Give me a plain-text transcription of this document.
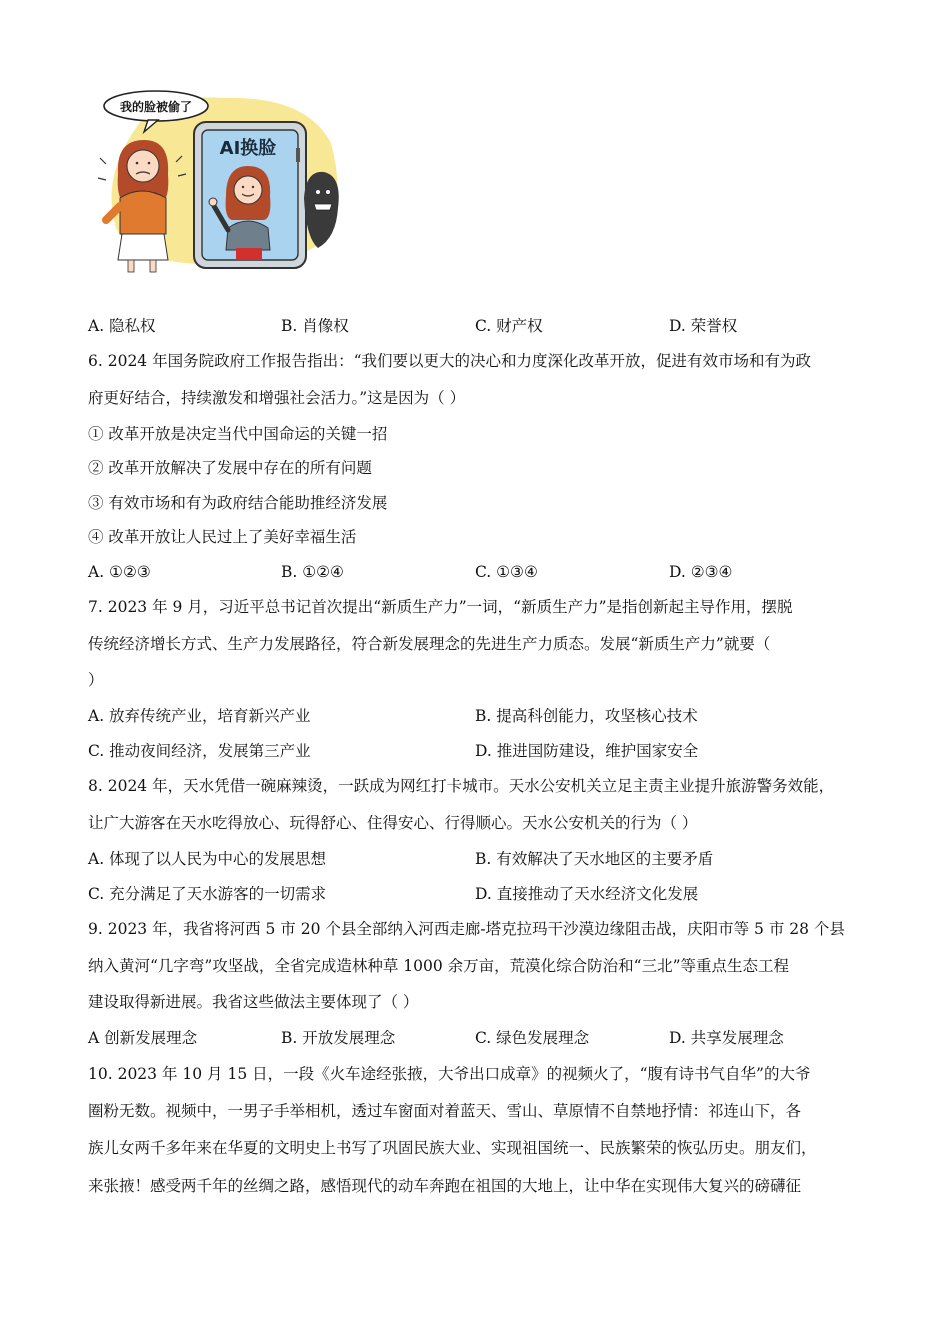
我的脸被偷了
AI换脸
A. 隐私权	B. 肖像权	C. 财产权	D. 荣誉权
6. 2024 年国务院政府工作报告指出：“我们要以更大的决心和力度深化改革开放，促进有效市场和有为政
府更好结合，持续激发和增强社会活力。”这是因为（ ）
① 改革开放是决定当代中国命运的关键一招
② 改革开放解决了发展中存在的所有问题
③ 有效市场和有为政府结合能助推经济发展
④ 改革开放让人民过上了美好幸福生活
A. ①②③	B. ①②④	C. ①③④	D. ②③④
7. 2023 年 9 月，习近平总书记首次提出“新质生产力”一词，“新质生产力”是指创新起主导作用，摆脱
传统经济增长方式、生产力发展路径，符合新发展理念的先进生产力质态。发展“新质生产力”就要（
）
A. 放弃传统产业，培育新兴产业	B. 提高科创能力，攻坚核心技术
C. 推动夜间经济，发展第三产业	D. 推进国防建设，维护国家安全
8. 2024 年，天水凭借一碗麻辣烫，一跃成为网红打卡城市。天水公安机关立足主责主业提升旅游警务效能，
让广大游客在天水吃得放心、玩得舒心、住得安心、行得顺心。天水公安机关的行为（ ）
A. 体现了以人民为中心的发展思想	B. 有效解决了天水地区的主要矛盾
C. 充分满足了天水游客的一切需求	D. 直接推动了天水经济文化发展
9. 2023 年，我省将河西 5 市 20 个县全部纳入河西走廊-塔克拉玛干沙漠边缘阻击战，庆阳市等 5 市 28 个县
纳入黄河“几字弯”攻坚战，全省完成造林种草 1000 余万亩，荒漠化综合防治和“三北”等重点生态工程
建设取得新进展。我省这些做法主要体现了（ ）
A 创新发展理念	B. 开放发展理念	C. 绿色发展理念	D. 共享发展理念
10. 2023 年 10 月 15 日，一段《火车途经张掖，大爷出口成章》的视频火了，“腹有诗书气自华”的大爷
圈粉无数。视频中，一男子手举相机，透过车窗面对着蓝天、雪山、草原情不自禁地抒情：祁连山下，各
族儿女两千多年来在华夏的文明史上书写了巩固民族大业、实现祖国统一、民族繁荣的恢弘历史。朋友们，
来张掖！感受两千年的丝绸之路，感悟现代的动车奔跑在祖国的大地上，让中华在实现伟大复兴的磅礴征
